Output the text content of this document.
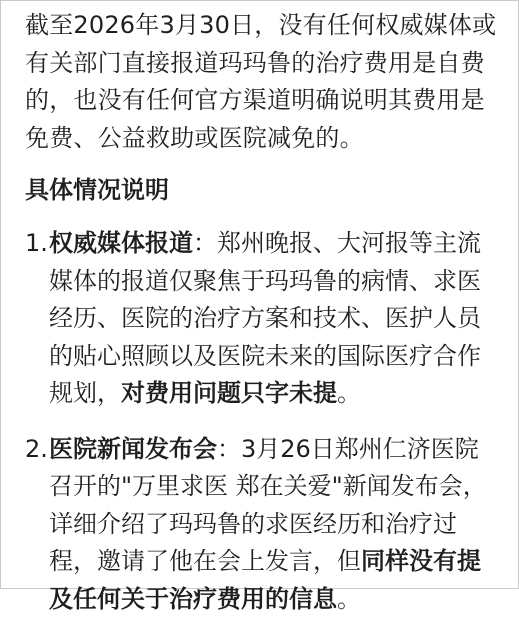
截至2026年3月30日，没有任何权威媒体或有关部门直接报道玛玛鲁的治疗费用是自费的，也没有任何官方渠道明确说明其费用是免费、公益救助或医院减免的。

具体情况说明
1. 权威媒体报道：郑州晚报、大河报等主流媒体的报道仅聚焦于玛玛鲁的病情、求医经历、医院的治疗方案和技术、医护人员的贴心照顾以及医院未来的国际医疗合作规划，对费用问题只字未提。
2. 医院新闻发布会：3月26日郑州仁济医院召开的"万里求医 郑在关爱"新闻发布会，详细介绍了玛玛鲁的求医经历和治疗过程，邀请了他在会上发言，但同样没有提及任何关于治疗费用的信息。
